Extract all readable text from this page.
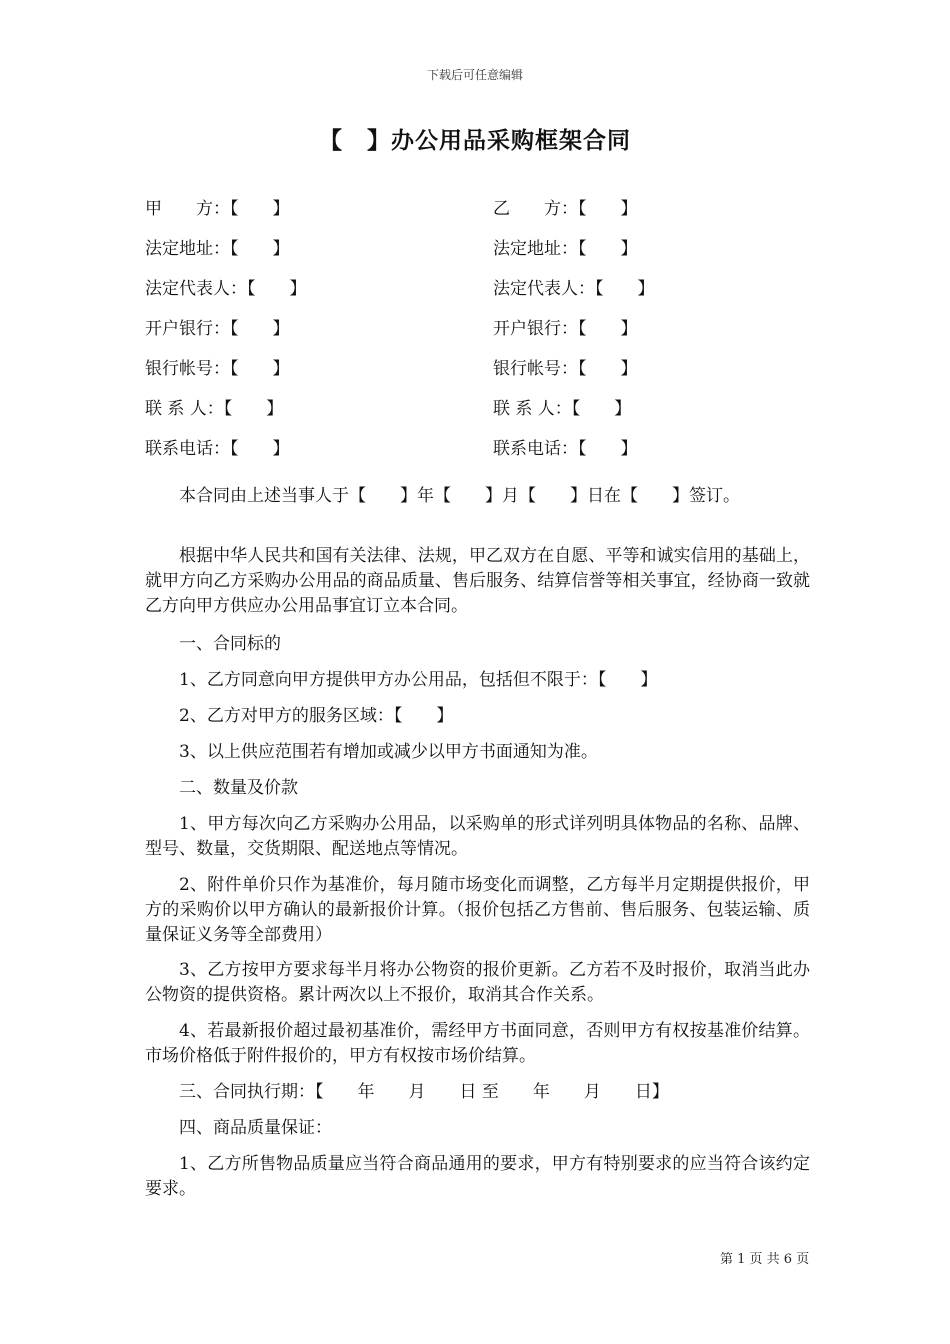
下载后可任意编辑
【　】办公用品采购框架合同
甲　　方：【　　】	乙　　方：【　　】
法定地址：【　　】	法定地址：【　　】
法定代表人：【　　】	法定代表人：【　　】
开户银行：【　　】	开户银行：【　　】
银行帐号：【　　】	银行帐号：【　　】
联 系 人：【　　】	联 系 人：【　　】
联系电话：【　　】	联系电话：【　　】
本合同由上述当事人于【　　】年【　　】月【　　】日在【　　】签订。
根据中华人民共和国有关法律、法规，甲乙双方在自愿、平等和诚实信用的基础上，就甲方向乙方采购办公用品的商品质量、售后服务、结算信誉等相关事宜，经协商一致就乙方向甲方供应办公用品事宜订立本合同。
一、合同标的
1、乙方同意向甲方提供甲方办公用品，包括但不限于：【　　】
2、乙方对甲方的服务区域：【　　】
3、以上供应范围若有增加或减少以甲方书面通知为准。
二、数量及价款
1、甲方每次向乙方采购办公用品，以采购单的形式详列明具体物品的名称、品牌、型号、数量，交货期限、配送地点等情况。
2、附件单价只作为基准价，每月随市场变化而调整，乙方每半月定期提供报价，甲方的采购价以甲方确认的最新报价计算。（报价包括乙方售前、售后服务、包装运输、质量保证义务等全部费用）
3、乙方按甲方要求每半月将办公物资的报价更新。乙方若不及时报价，取消当此办公物资的提供资格。累计两次以上不报价，取消其合作关系。
4、若最新报价超过最初基准价，需经甲方书面同意，否则甲方有权按基准价结算。市场价格低于附件报价的，甲方有权按市场价结算。
三、合同执行期：【　　年　　月　　日 至　　年　　月　　日】
四、商品质量保证：
1、乙方所售物品质量应当符合商品通用的要求，甲方有特别要求的应当符合该约定要求。
第 1 页 共 6 页
